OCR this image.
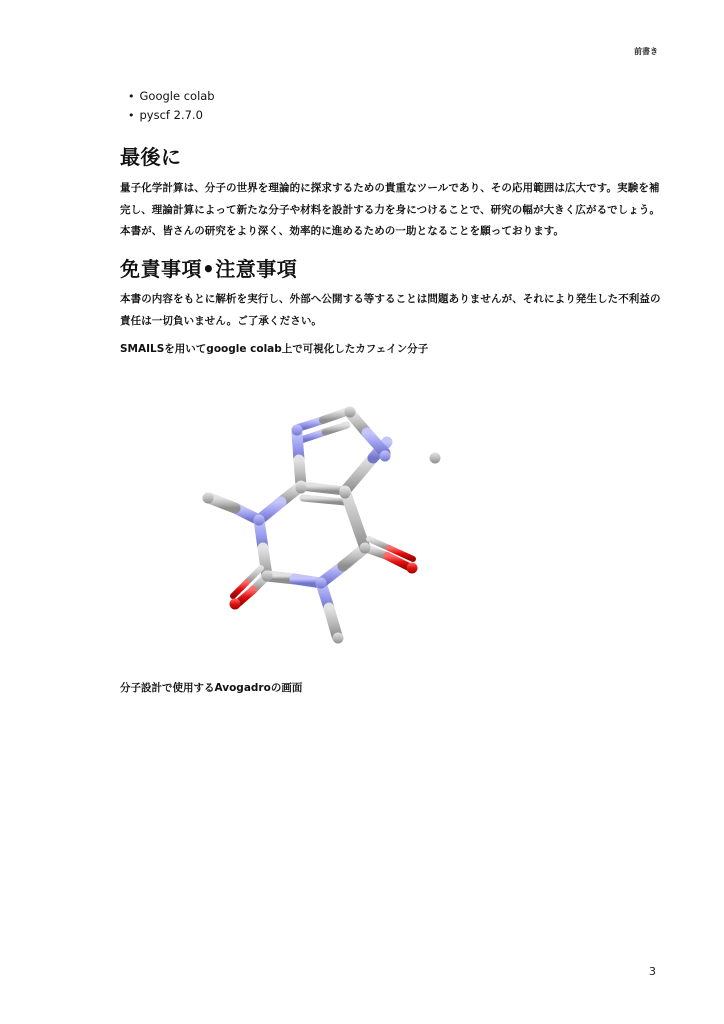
前書き
• Google colab
• pyscf 2.7.0
最後に

量子化学計算は、分子の世界を理論的に探求するための貴重なツールであり、その応用範囲は広大です。実験を補完し、理論計算によって新たな分子や材料を設計する力を身につけることで、研究の幅が大きく広がるでしょう。本書が、皆さんの研究をより深く、効率的に進めるための一助となることを願っております。

免責事項•注意事項

本書の内容をもとに解析を実行し、外部へ公開する等することは問題ありませんが、それにより発生した不利益の責任は一切負いません。ご了承ください。

SMAILSを用いてgoogle colab上で可視化したカフェイン分子

分子設計で使用するAvogadroの画面

3
